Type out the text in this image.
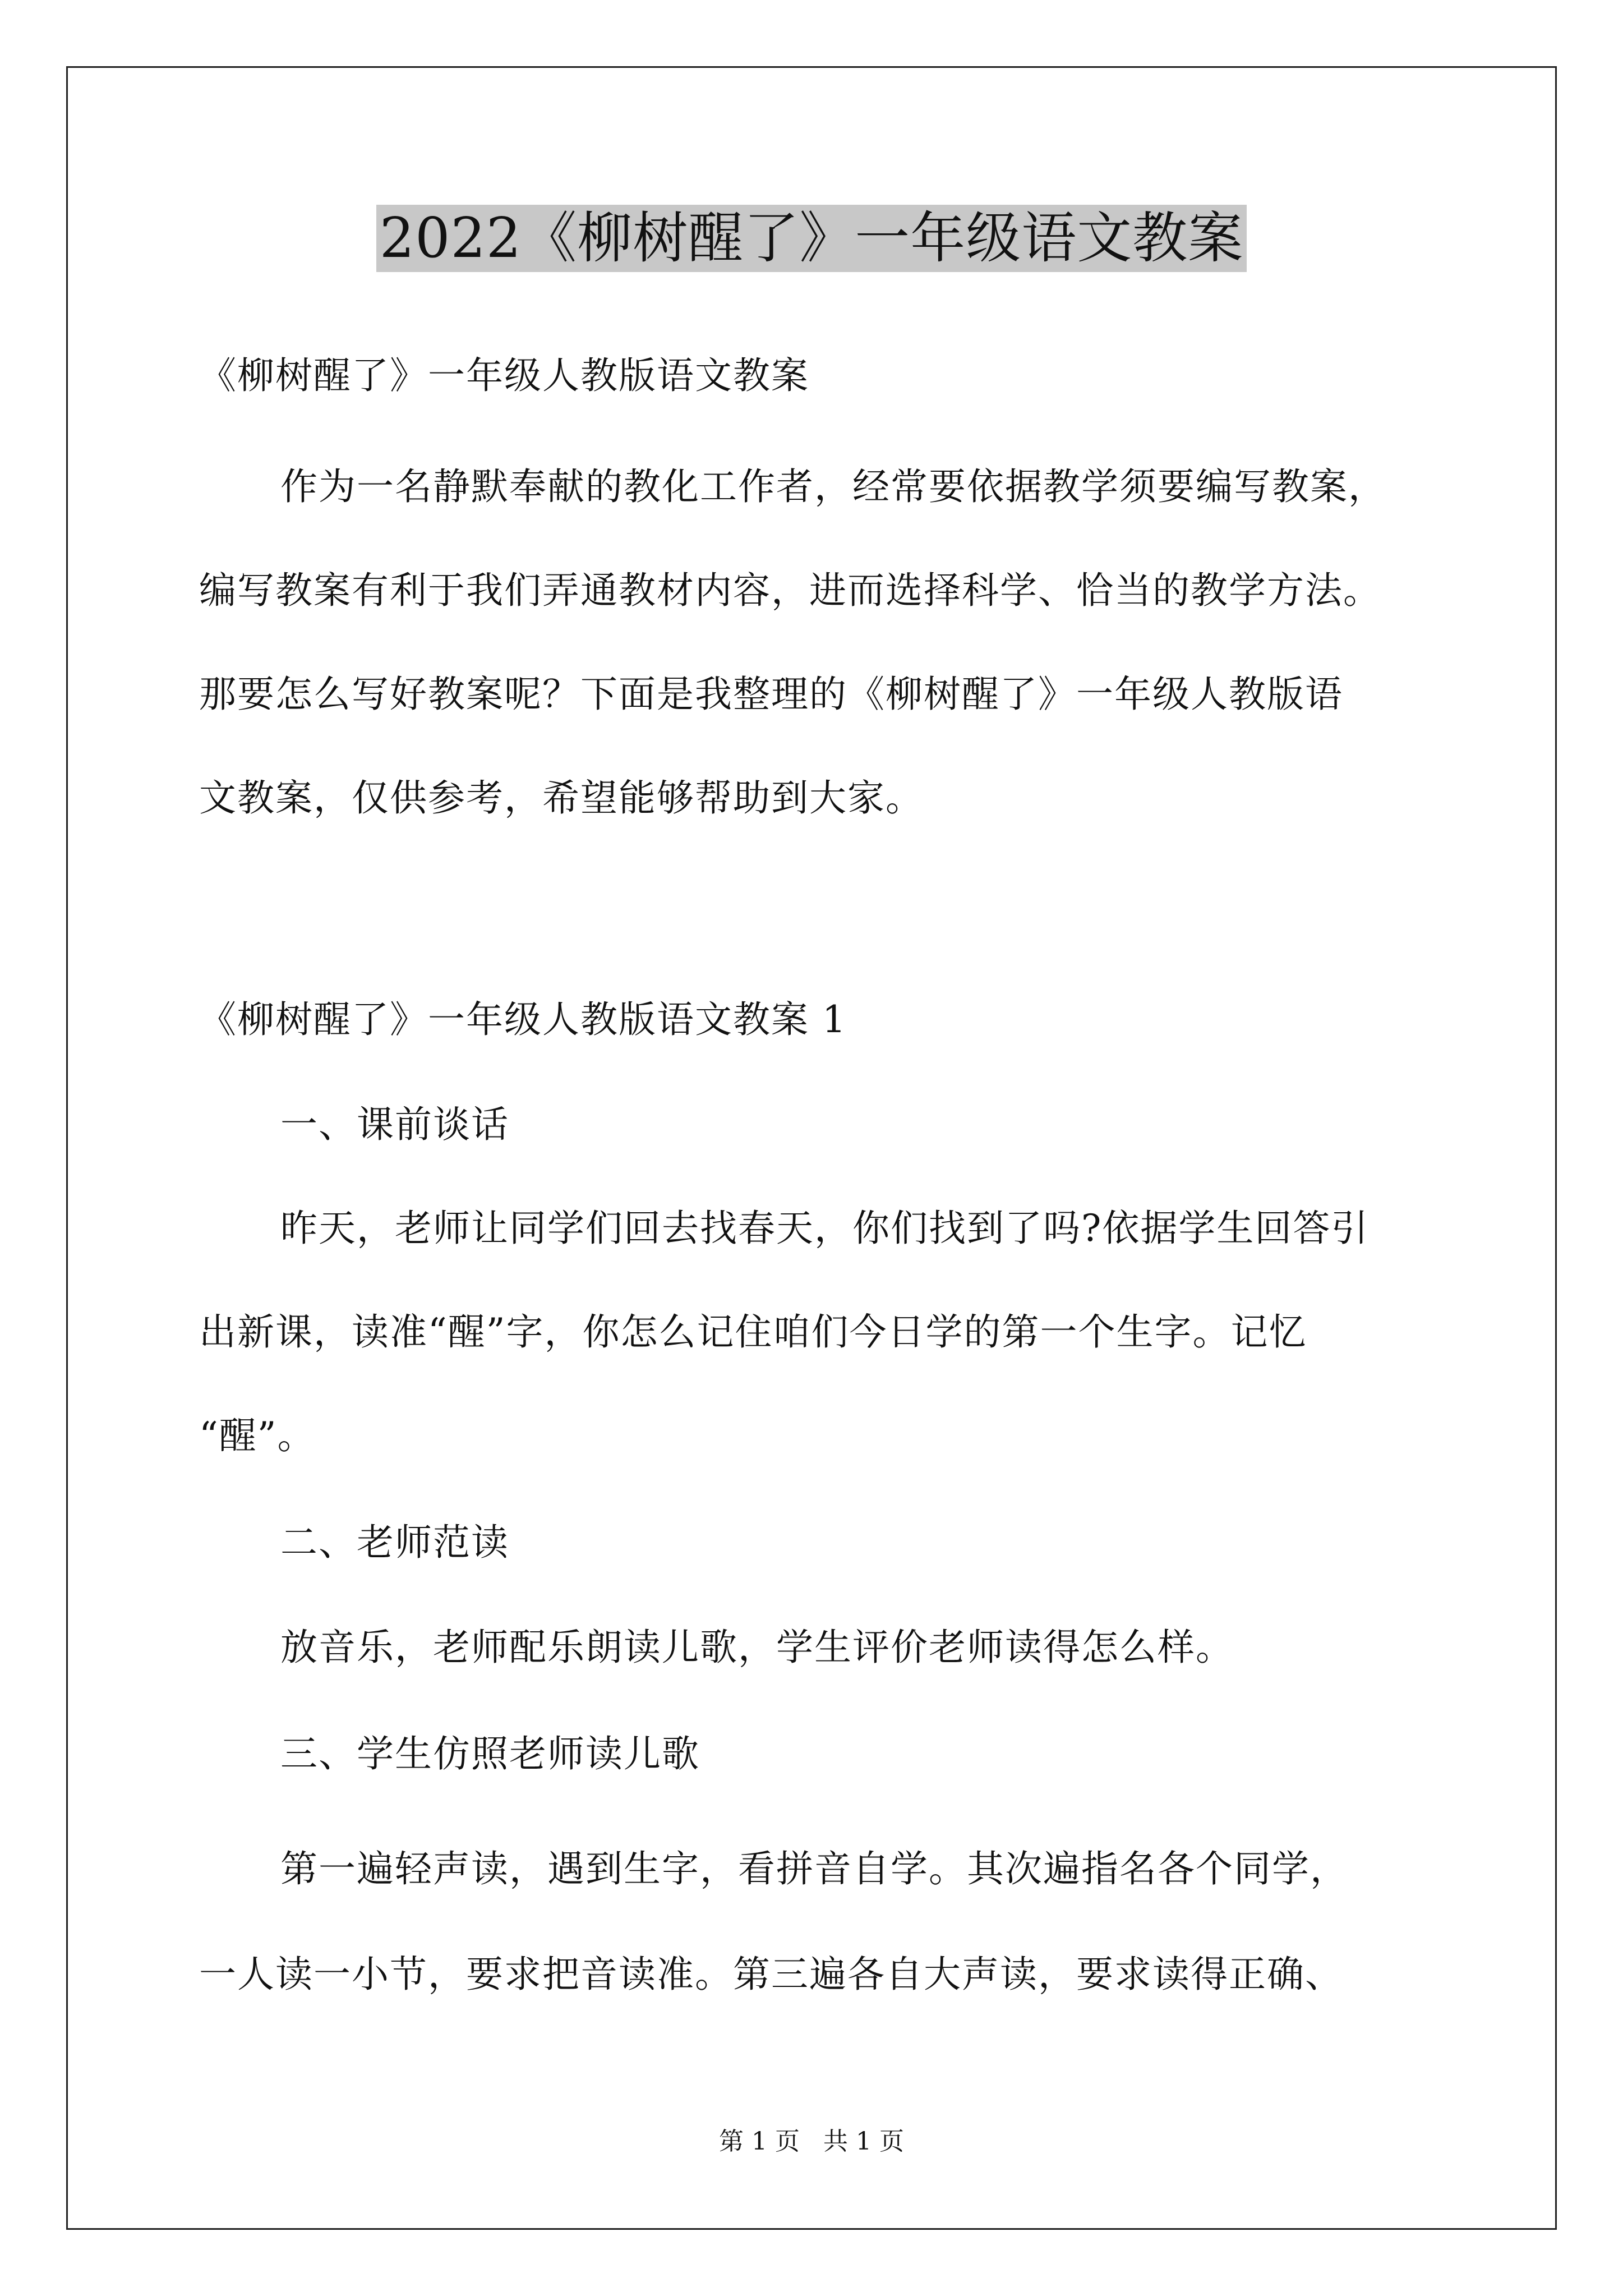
2022《柳树醒了》一年级语文教案
《柳树醒了》一年级人教版语文教案
作为一名静默奉献的教化工作者，经常要依据教学须要编写教案，
编写教案有利于我们弄通教材内容，进而选择科学、恰当的教学方法。
那要怎么写好教案呢？下面是我整理的《柳树醒了》一年级人教版语
文教案，仅供参考，希望能够帮助到大家。
《柳树醒了》一年级人教版语文教案 1
一、课前谈话
昨天，老师让同学们回去找春天，你们找到了吗?依据学生回答引
出新课，读准“醒”字，你怎么记住咱们今日学的第一个生字。记忆
“醒”。
二、老师范读
放音乐，老师配乐朗读儿歌，学生评价老师读得怎么样。
三、学生仿照老师读儿歌
第一遍轻声读，遇到生字，看拼音自学。其次遍指名各个同学，
一人读一小节，要求把音读准。第三遍各自大声读，要求读得正确、
第 1 页   共 1 页
